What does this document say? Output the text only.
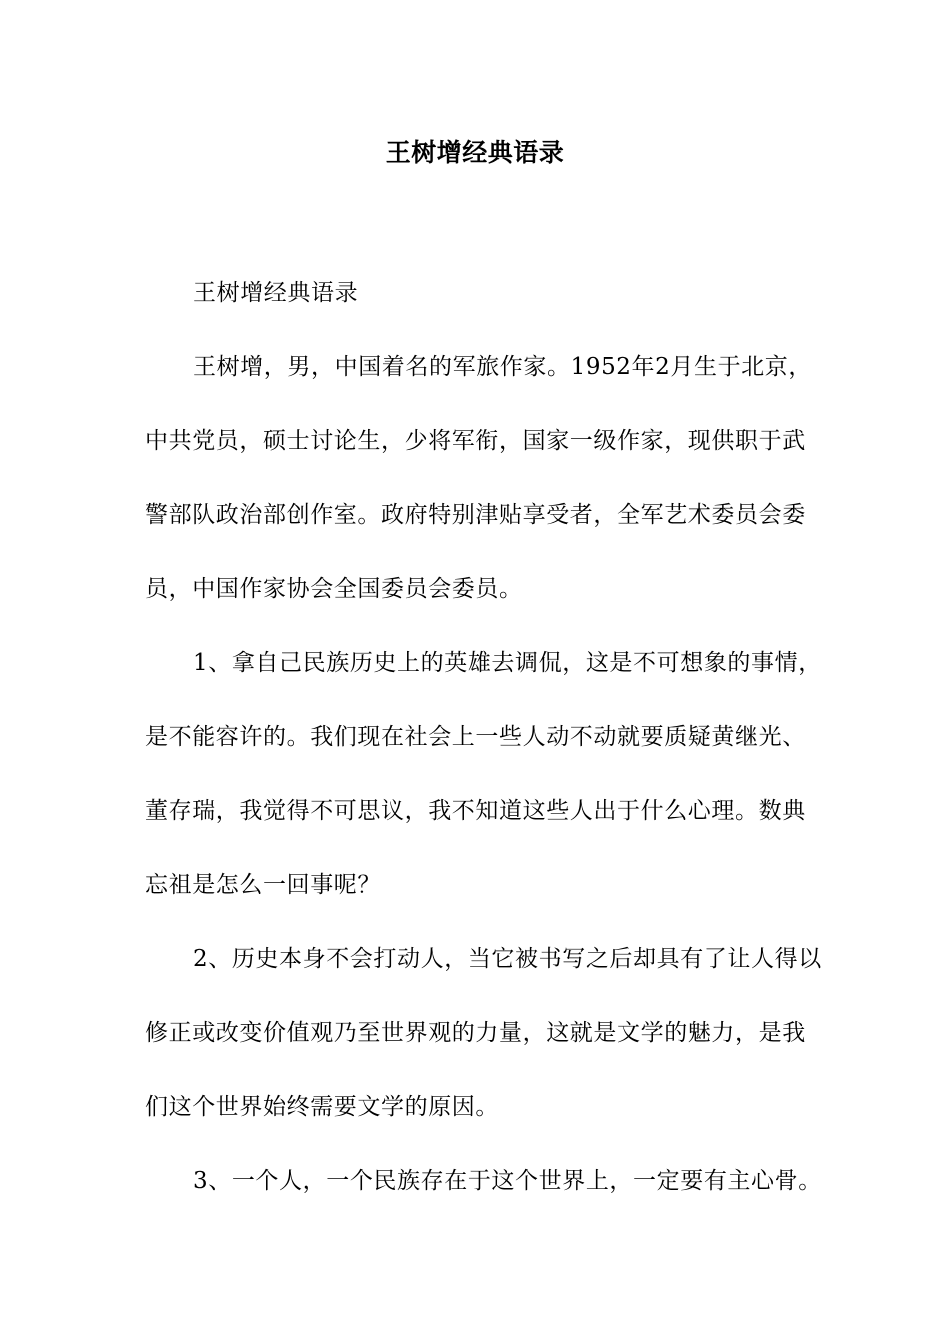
王树增经典语录

王树增经典语录

王树增，男，中国着名的军旅作家。1952年2月生于北京，中共党员，硕士讨论生，少将军衔，国家一级作家，现供职于武警部队政治部创作室。政府特别津贴享受者，全军艺术委员会委员，中国作家协会全国委员会委员。

1、拿自己民族历史上的英雄去调侃，这是不可想象的事情，是不能容许的。我们现在社会上一些人动不动就要质疑黄继光、董存瑞，我觉得不可思议，我不知道这些人出于什么心理。数典忘祖是怎么一回事呢？

2、历史本身不会打动人，当它被书写之后却具有了让人得以修正或改变价值观乃至世界观的力量，这就是文学的魅力，是我们这个世界始终需要文学的原因。

3、一个人，一个民族存在于这个世界上，一定要有主心骨。
